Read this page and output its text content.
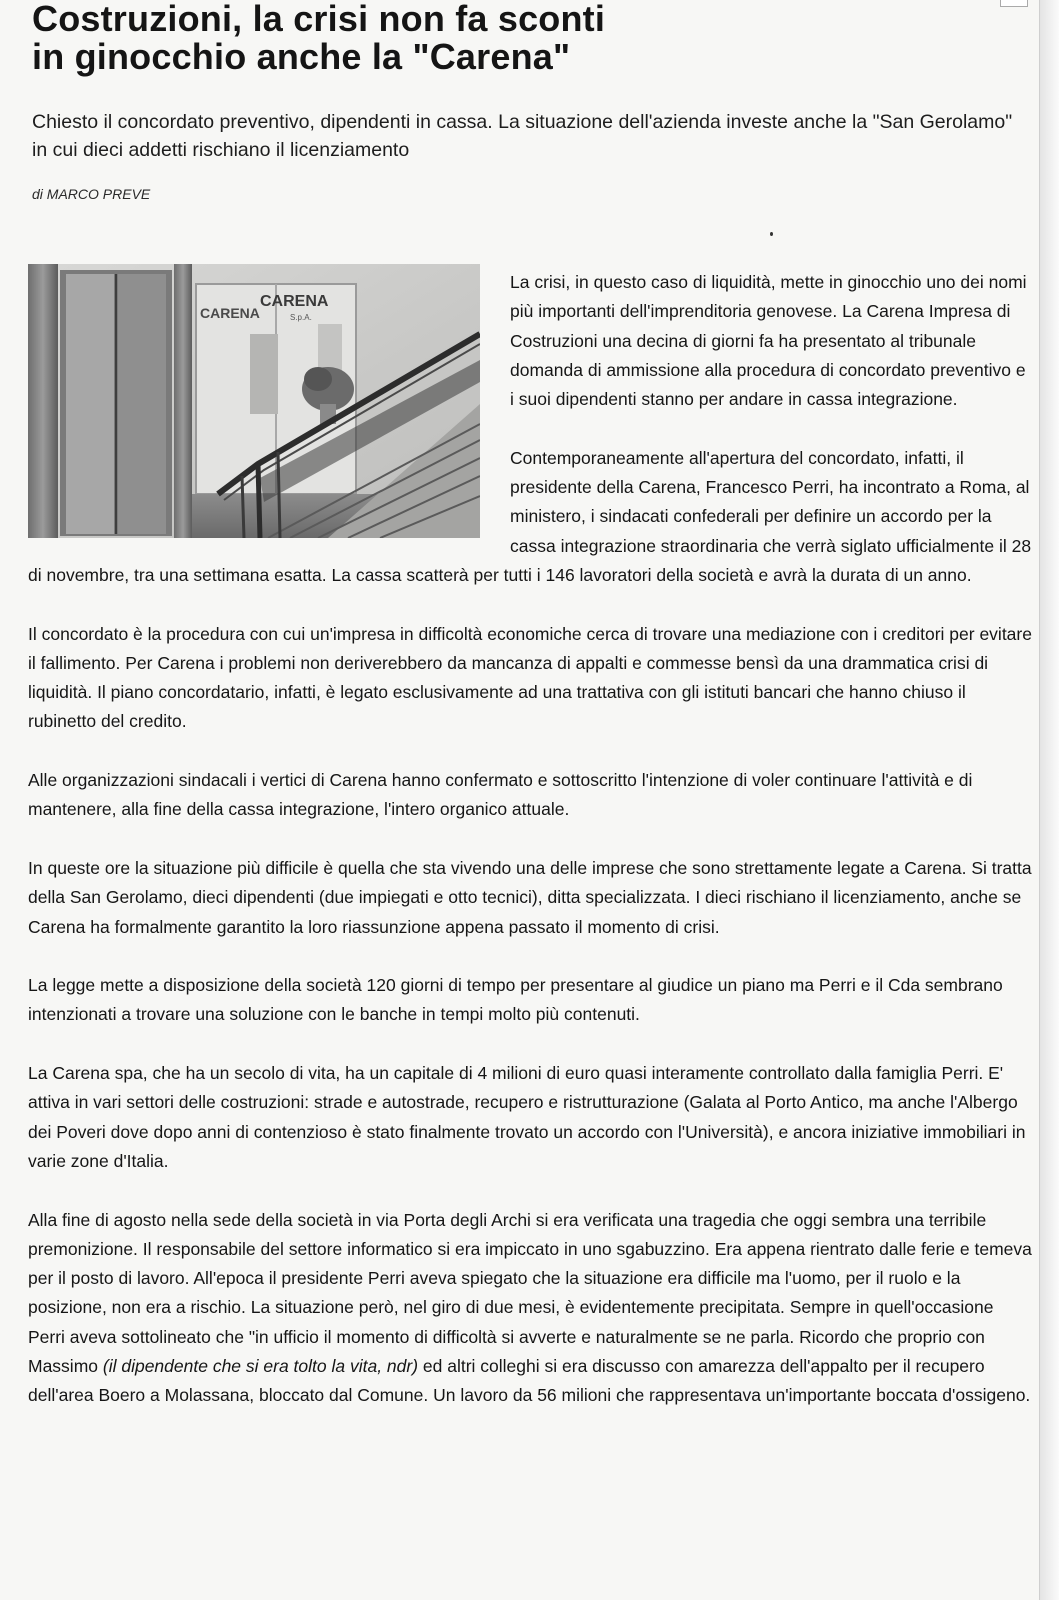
Costruzioni, la crisi non fa sconti
in ginocchio anche la "Carena"

Chiesto il concordato preventivo, dipendenti in cassa. La situazione dell'azienda investe anche la "San Gerolamo" in cui dieci addetti rischiano il licenziamento

di MARCO PREVE

CARENA
CARENA
S.p.A.

La crisi, in questo caso di liquidità, mette in ginocchio uno dei nomi più importanti dell'imprenditoria genovese. La Carena Impresa di Costruzioni una decina di giorni fa ha presentato al tribunale domanda di ammissione alla procedura di concordato preventivo e i suoi dipendenti stanno per andare in cassa integrazione.

Contemporaneamente all'apertura del concordato, infatti, il presidente della Carena, Francesco Perri, ha incontrato a Roma, al ministero, i sindacati confederali per definire un accordo per la cassa integrazione straordinaria che verrà siglato ufficialmente il 28 di novembre, tra una settimana esatta. La cassa scatterà per tutti i 146 lavoratori della società e avrà la durata di un anno.

Il concordato è la procedura con cui un'impresa in difficoltà economiche cerca di trovare una mediazione con i creditori per evitare il fallimento. Per Carena i problemi non deriverebbero da mancanza di appalti e commesse bensì da una drammatica crisi di liquidità. Il piano concordatario, infatti, è legato esclusivamente ad una trattativa con gli istituti bancari che hanno chiuso il rubinetto del credito.

Alle organizzazioni sindacali i vertici di Carena hanno confermato e sottoscritto l'intenzione di voler continuare l'attività e di mantenere, alla fine della cassa integrazione, l'intero organico attuale.

In queste ore la situazione più difficile è quella che sta vivendo una delle imprese che sono strettamente legate a Carena. Si tratta della San Gerolamo, dieci dipendenti (due impiegati e otto tecnici), ditta specializzata. I dieci rischiano il licenziamento, anche se Carena ha formalmente garantito la loro riassunzione appena passato il momento di crisi.

La legge mette a disposizione della società 120 giorni di tempo per presentare al giudice un piano ma Perri e il Cda sembrano intenzionati a trovare una soluzione con le banche in tempi molto più contenuti.

La Carena spa, che ha un secolo di vita, ha un capitale di 4 milioni di euro quasi interamente controllato dalla famiglia Perri. E' attiva in vari settori delle costruzioni: strade e autostrade, recupero e ristrutturazione (Galata al Porto Antico, ma anche l'Albergo dei Poveri dove dopo anni di contenzioso è stato finalmente trovato un accordo con l'Università), e ancora iniziative immobiliari in varie zone d'Italia.

Alla fine di agosto nella sede della società in via Porta degli Archi si era verificata una tragedia che oggi sembra una terribile premonizione. Il responsabile del settore informatico si era impiccato in uno sgabuzzino. Era appena rientrato dalle ferie e temeva per il posto di lavoro. All'epoca il presidente Perri aveva spiegato che la situazione era difficile ma l'uomo, per il ruolo e la posizione, non era a rischio. La situazione però, nel giro di due mesi, è evidentemente precipitata. Sempre in quell'occasione Perri aveva sottolineato che "in ufficio il momento di difficoltà si avverte e naturalmente se ne parla. Ricordo che proprio con Massimo (il dipendente che si era tolto la vita, ndr) ed altri colleghi si era discusso con amarezza dell'appalto per il recupero dell'area Boero a Molassana, bloccato dal Comune. Un lavoro da 56 milioni che rappresentava un'importante boccata d'ossigeno.
